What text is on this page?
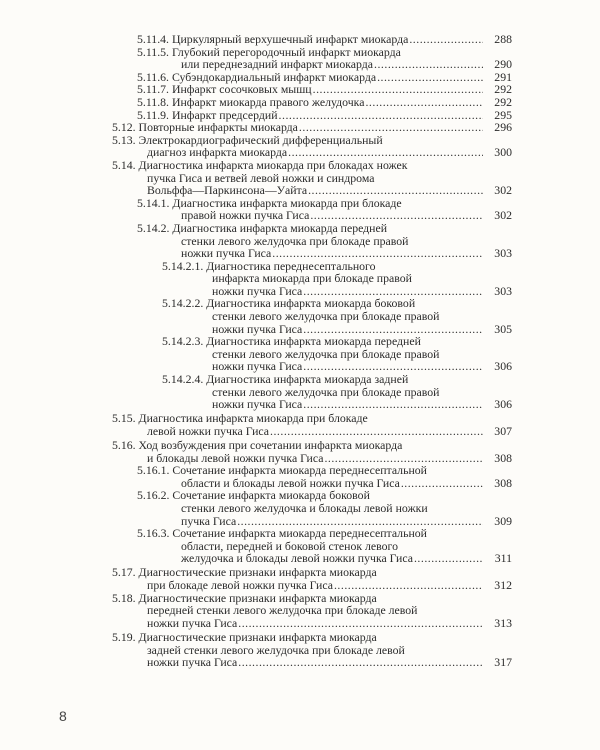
5.11.4. Циркулярный верхушечный инфаркт миокарда .....	288
5.11.5. Глубокий перегородочный инфаркт миокарда
или переднезадний инфаркт миокарда .....	290
5.11.6. Субэндокардиальный инфаркт миокарда .....	291
5.11.7. Инфаркт сосочковых мышц .....	292
5.11.8. Инфаркт миокарда правого желудочка .....	292
5.11.9. Инфаркт предсердий .....	295
5.12. Повторные инфаркты миокарда .....	296
5.13. Электрокардиографический дифференциальный
диагноз инфаркта миокарда .....	300
5.14. Диагностика инфаркта миокарда при блокадах ножек
пучка Гиса и ветвей левой ножки и синдрома
Вольффа—Паркинсона—Уайта .....	302
5.14.1. Диагностика инфаркта миокарда при блокаде
правой ножки пучка Гиса .....	302
5.14.2. Диагностика инфаркта миокарда передней
стенки левого желудочка при блокаде правой
ножки пучка Гиса .....	303
5.14.2.1. Диагностика переднесептального
инфаркта миокарда при блокаде правой
ножки пучка Гиса .....	303
5.14.2.2. Диагностика инфаркта миокарда боковой
стенки левого желудочка при блокаде правой
ножки пучка Гиса .....	305
5.14.2.3. Диагностика инфаркта миокарда передней
стенки левого желудочка при блокаде правой
ножки пучка Гиса .....	306
5.14.2.4. Диагностика инфаркта миокарда задней
стенки левого желудочка при блокаде правой
ножки пучка Гиса .....	306
5.15. Диагностика инфаркта миокарда при блокаде
левой ножки пучка Гиса .....	307
5.16. Ход возбуждения при сочетании инфаркта миокарда
и блокады левой ножки пучка Гиса .....	308
5.16.1. Сочетание инфаркта миокарда переднесептальной
области и блокады левой ножки пучка Гиса .....	308
5.16.2. Сочетание инфаркта миокарда боковой
стенки левого желудочка и блокады левой ножки
пучка Гиса .....	309
5.16.3. Сочетание инфаркта миокарда переднесептальной
области, передней и боковой стенок левого
желудочка и блокады левой ножки пучка Гиса .....	311
5.17. Диагностические признаки инфаркта миокарда
при блокаде левой ножки пучка Гиса .....	312
5.18. Диагностические признаки инфаркта миокарда
передней стенки левого желудочка при блокаде левой
ножки пучка Гиса .....	313
5.19. Диагностические признаки инфаркта миокарда
задней стенки левого желудочка при блокаде левой
ножки пучка Гиса .....	317
8
